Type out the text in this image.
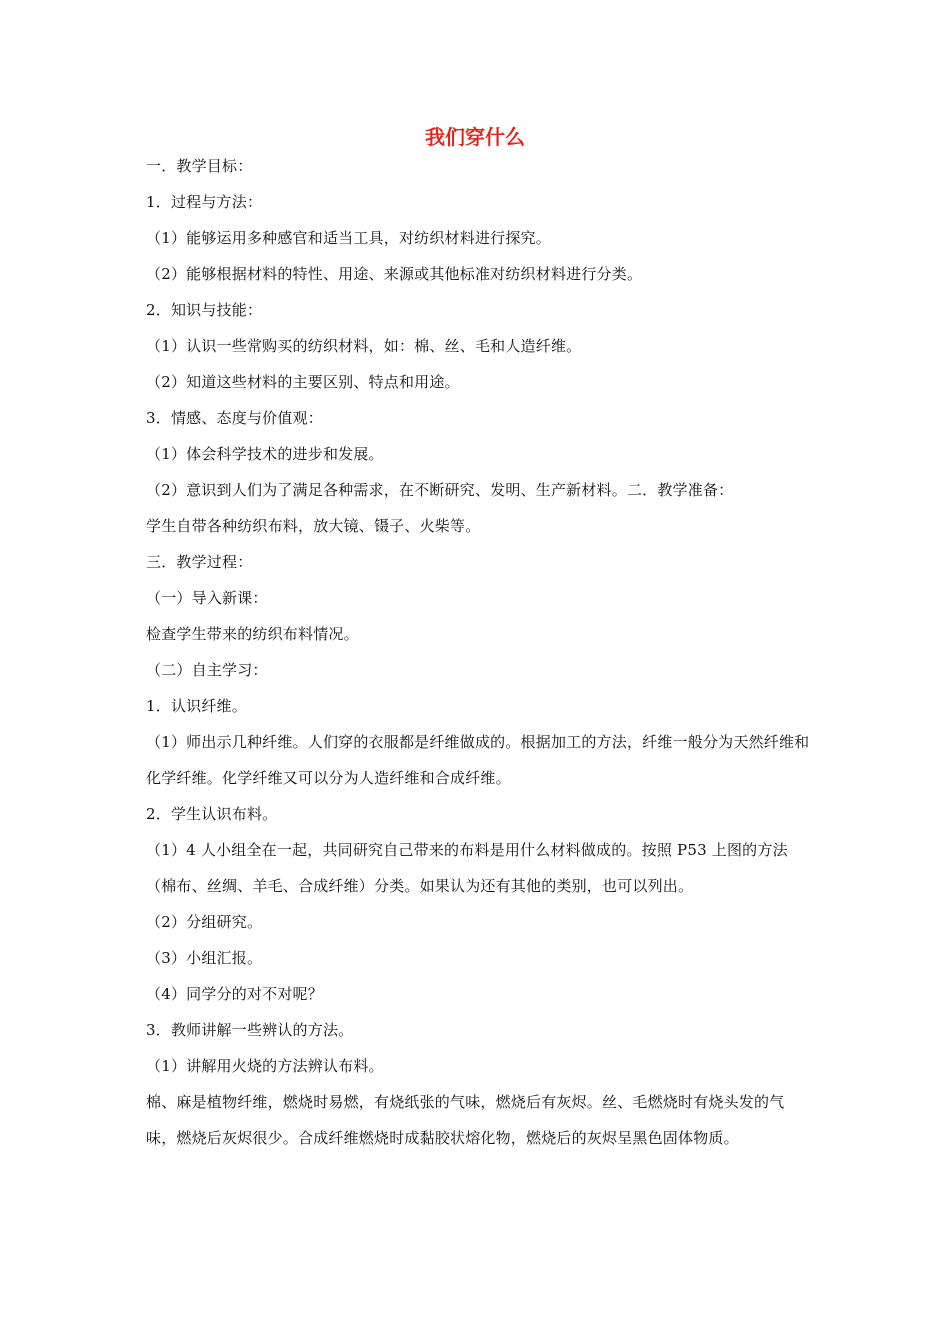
我们穿什么
一．教学目标：
1．过程与方法：
（1）能够运用多种感官和适当工具，对纺织材料进行探究。
（2）能够根据材料的特性、用途、来源或其他标准对纺织材料进行分类。
2．知识与技能：
（1）认识一些常购买的纺织材料，如：棉、丝、毛和人造纤维。
（2）知道这些材料的主要区别、特点和用途。
3．情感、态度与价值观：
（1）体会科学技术的进步和发展。
（2）意识到人们为了满足各种需求，在不断研究、发明、生产新材料。二．教学准备：
学生自带各种纺织布料，放大镜、镊子、火柴等。
三．教学过程：
（一）导入新课：
检查学生带来的纺织布料情况。
（二）自主学习：
1．认识纤维。
（1）师出示几种纤维。人们穿的衣服都是纤维做成的。根据加工的方法，纤维一般分为天然纤维和化学纤维。化学纤维又可以分为人造纤维和合成纤维。
2．学生认识布料。
（1）4 人小组全在一起，共同研究自己带来的布料是用什么材料做成的。按照 P53 上图的方法（棉布、丝绸、羊毛、合成纤维）分类。如果认为还有其他的类别，也可以列出。
（2）分组研究。
（3）小组汇报。
（4）同学分的对不对呢？
3．教师讲解一些辨认的方法。
（1）讲解用火烧的方法辨认布料。
棉、麻是植物纤维，燃烧时易燃，有烧纸张的气味，燃烧后有灰烬。丝、毛燃烧时有烧头发的气味，燃烧后灰烬很少。合成纤维燃烧时成黏胶状熔化物，燃烧后的灰烬呈黑色固体物质。
